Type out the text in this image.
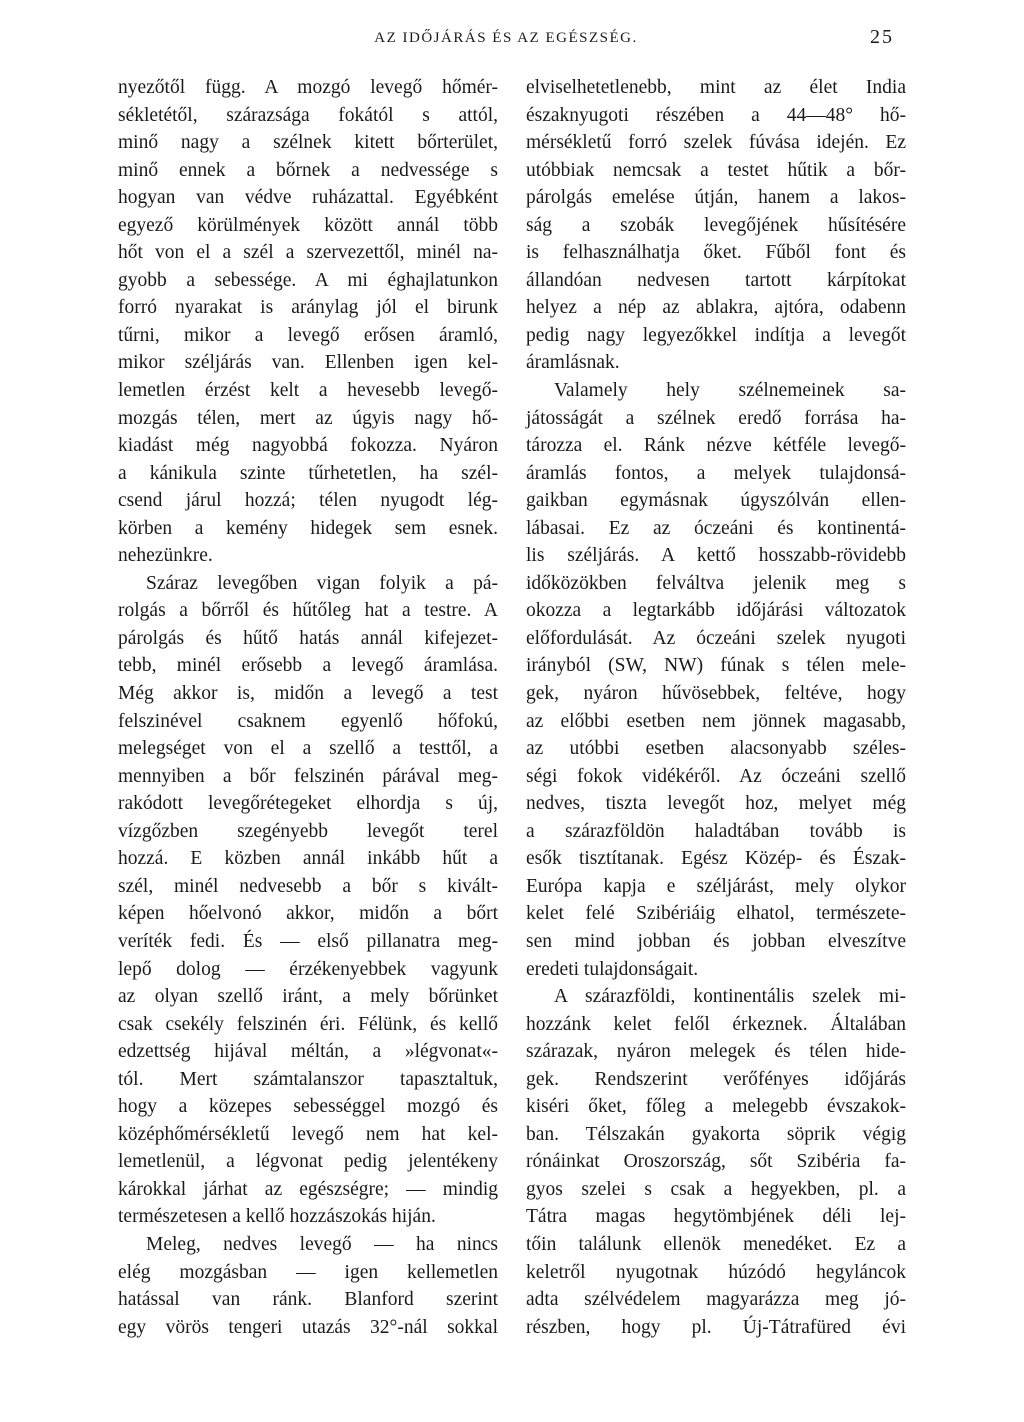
AZ IDŐJÁRÁS ÉS AZ EGÉSZSÉG.	25
nyezőtől függ. A mozgó levegő hőmér-
sékletétől, szárazsága fokától s attól,
minő nagy a szélnek kitett bőrterület,
minő ennek a bőrnek a nedvessége s
hogyan van védve ruházattal. Egyébként
egyező körülmények között annál több
hőt von el a szél a szervezettől, minél na-
gyobb a sebessége. A mi éghajlatunkon
forró nyarakat is aránylag jól el birunk
tűrni, mikor a levegő erősen áramló,
mikor széljárás van. Ellenben igen kel-
lemetlen érzést kelt a hevesebb levegő-
mozgás télen, mert az úgyis nagy hő-
kiadást még nagyobbá fokozza. Nyáron
a kánikula szinte tűrhetetlen, ha szél-
csend járul hozzá; télen nyugodt lég-
körben a kemény hidegek sem esnek.
nehezünkre.
Száraz levegőben vigan folyik a pá-
rolgás a bőrről és hűtőleg hat a testre. A
párolgás és hűtő hatás annál kifejezet-
tebb, minél erősebb a levegő áramlása.
Még akkor is, midőn a levegő a test
felszinével csaknem egyenlő hőfokú,
melegséget von el a szellő a testtől, a
mennyiben a bőr felszinén párával meg-
rakódott levegőrétegeket elhordja s új,
vízgőzben szegényebb levegőt terel
hozzá. E közben annál inkább hűt a
szél, minél nedvesebb a bőr s kivált-
képen hőelvonó akkor, midőn a bőrt
veríték fedi. És — első pillanatra meg-
lepő dolog — érzékenyebbek vagyunk
az olyan szellő iránt, a mely bőrünket
csak csekély felszinén éri. Félünk, és kellő
edzettség hijával méltán, a »légvonat«-
tól. Mert számtalanszor tapasztaltuk,
hogy a közepes sebességgel mozgó és
középhőmérsékletű levegő nem hat kel-
lemetlenül, a légvonat pedig jelentékeny
károkkal járhat az egészségre; — mindig
természetesen a kellő hozzászokás hiján.
Meleg, nedves levegő — ha nincs
elég mozgásban — igen kellemetlen
hatással van ránk. Blanford szerint
egy vörös tengeri utazás 32°-nál sokkal
elviselhetetlenebb, mint az élet India
északnyugoti részében a 44—48° hő-
mérsékletű forró szelek fúvása idején. Ez
utóbbiak nemcsak a testet hűtik a bőr-
párolgás emelése útján, hanem a lakos-
ság a szobák levegőjének hűsítésére
is felhasználhatja őket. Fűből font és
állandóan nedvesen tartott kárpítokat
helyez a nép az ablakra, ajtóra, odabenn
pedig nagy legyezőkkel indítja a levegőt
áramlásnak.
Valamely hely szélnemeinek sa-
játosságát a szélnek eredő forrása ha-
tározza el. Ránk nézve kétféle levegő-
áramlás fontos, a melyek tulajdonsá-
gaikban egymásnak úgyszólván ellen-
lábasai. Ez az óczeáni és kontinentá-
lis széljárás. A kettő hosszabb-rövidebb
időközökben felváltva jelenik meg s
okozza a legtarkább időjárási változatok
előfordulását. Az óczeáni szelek nyugoti
irányból (SW, NW) fúnak s télen mele-
gek, nyáron hűvösebbek, feltéve, hogy
az előbbi esetben nem jönnek magasabb,
az utóbbi esetben alacsonyabb széles-
ségi fokok vidékéről. Az óczeáni szellő
nedves, tiszta levegőt hoz, melyet még
a szárazföldön haladtában tovább is
esők tisztítanak. Egész Közép- és Észak-
Európa kapja e széljárást, mely olykor
kelet felé Szibériáig elhatol, természete-
sen mind jobban és jobban elveszítve
eredeti tulajdonságait.
A szárazföldi, kontinentális szelek mi-
hozzánk kelet felől érkeznek. Általában
szárazak, nyáron melegek és télen hide-
gek. Rendszerint verőfényes időjárás
kiséri őket, főleg a melegebb évszakok-
ban. Télszakán gyakorta söprik végig
rónáinkat Oroszország, sőt Szibéria fa-
gyos szelei s csak a hegyekben, pl. a
Tátra magas hegytömbjének déli lej-
tőin találunk ellenök menedéket. Ez a
keletről nyugotnak húzódó hegyláncok
adta szélvédelem magyarázza meg jó-
részben, hogy pl. Új-Tátrafüred évi
